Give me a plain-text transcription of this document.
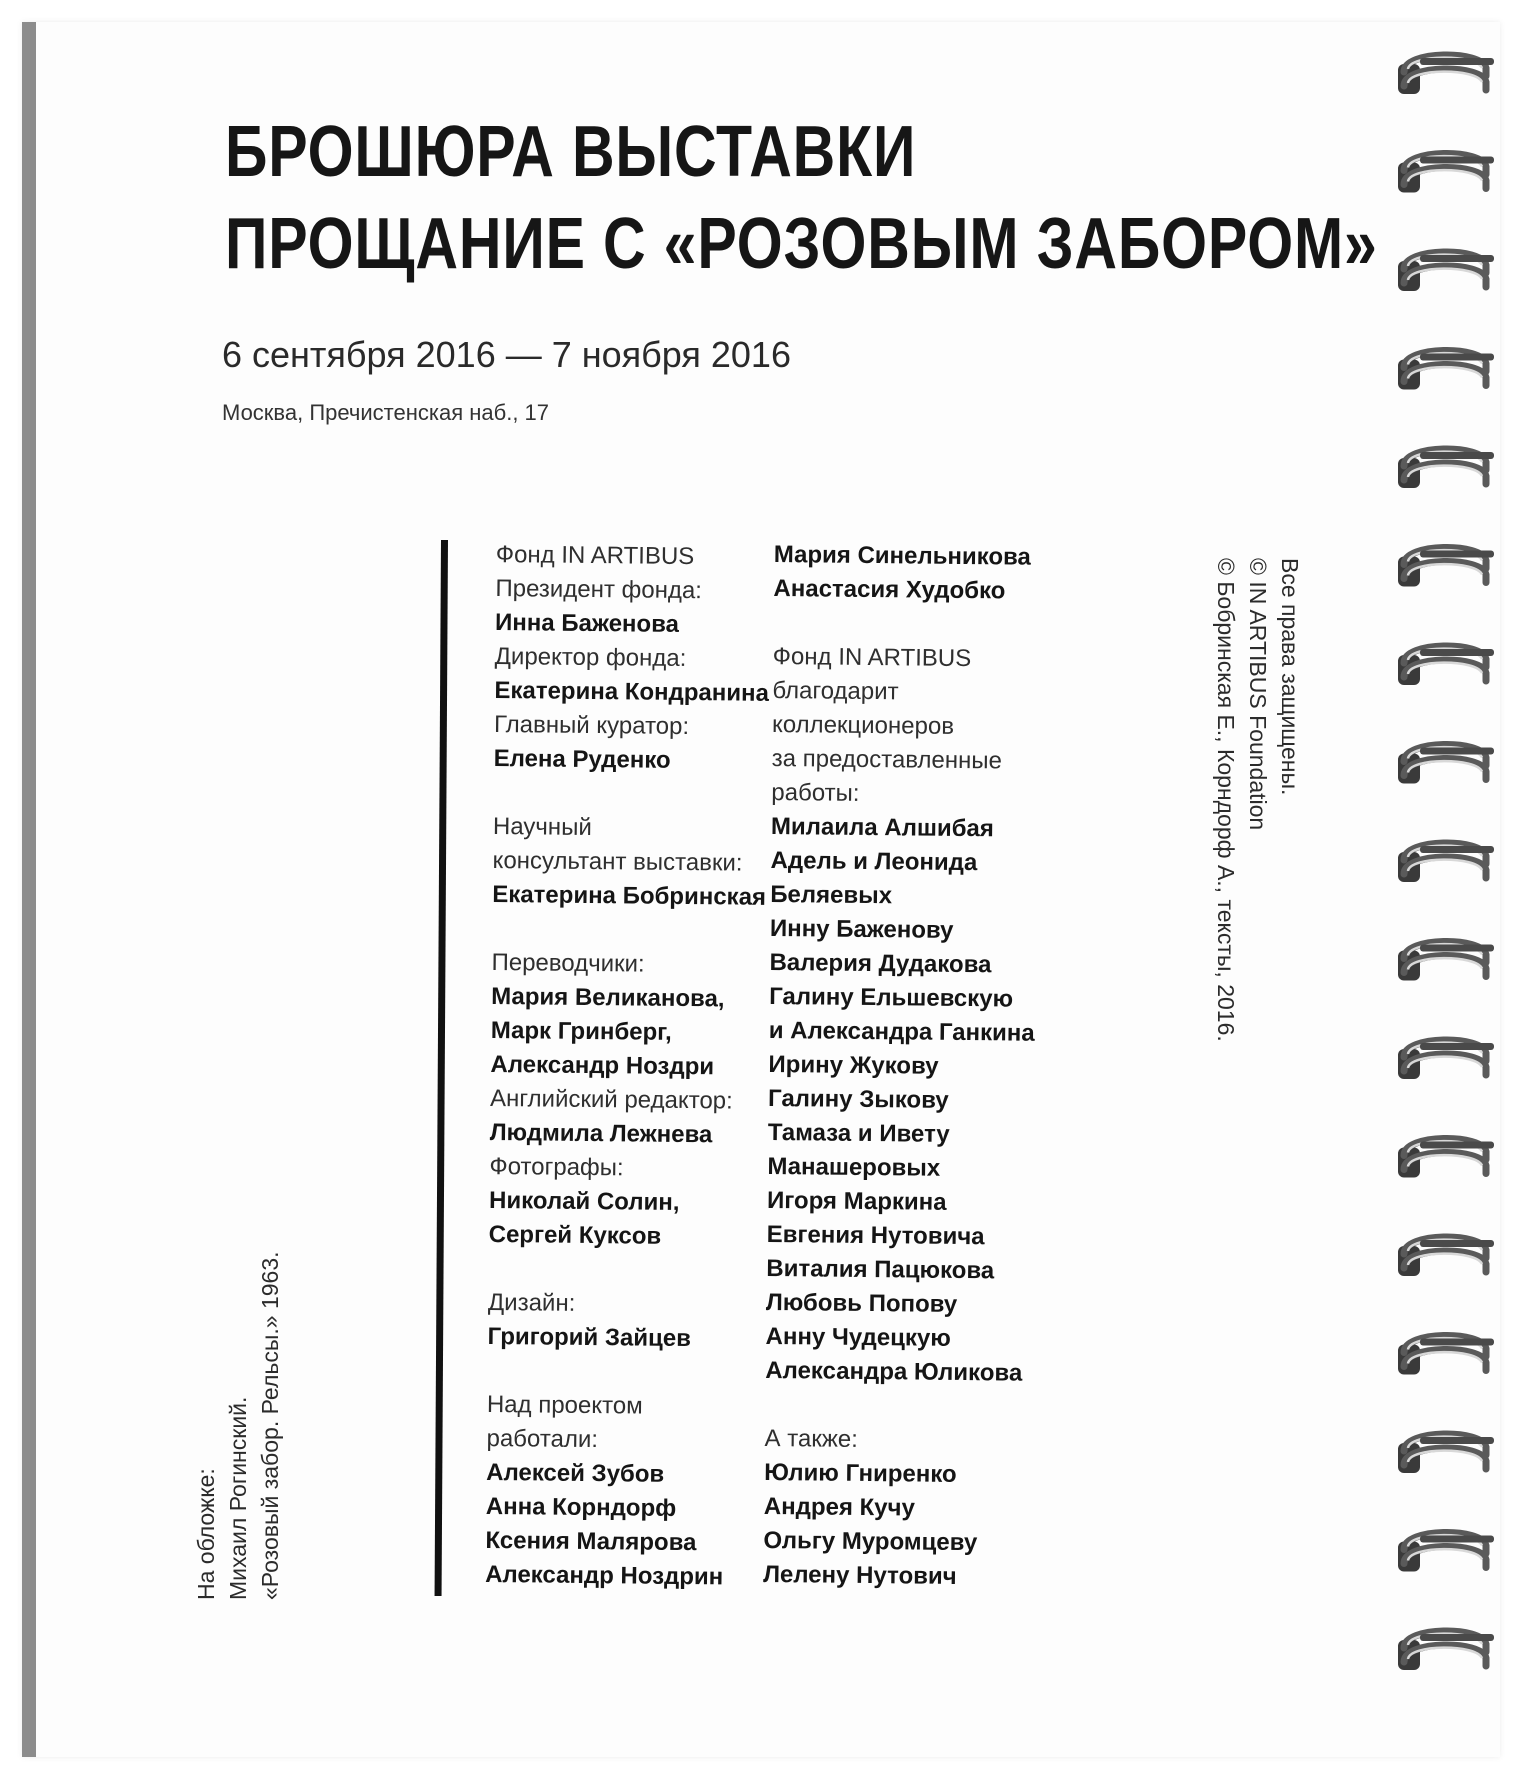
БРОШЮРА ВЫСТАВКИ
ПРОЩАНИЕ С «РОЗОВЫМ ЗАБОРОМ»
6 сентября 2016 — 7 ноября 2016
Москва, Пречистенская наб., 17
Фонд IN ARTIBUS
Президент фонда:
Инна Баженова
Директор фонда:
Екатерина Кондранина
Главный куратор:
Елена Руденко
Научный
консультант выставки:
Екатерина Бобринская
Переводчики:
Мария Великанова,
Марк Гринберг,
Александр Ноздри
Английский редактор:
Людмила Лежнева
Фотографы:
Николай Солин,
Сергей Куксов
Дизайн:
Григорий Зайцев
Над проектом
работали:
Алексей Зубов
Анна Корндорф
Ксения Малярова
Александр Ноздрин
Мария Синельникова
Анастасия Худобко
Фонд IN ARTIBUS
благодарит
коллекционеров
за предоставленные
работы:
Милаила Алшибая
Адель и Леонида
Беляевых
Инну Баженову
Валерия Дудакова
Галину Ельшевскую
и Александра Ганкина
Ирину Жукову
Галину Зыкову
Тамаза и Ивету
Манашеровых
Игоря Маркина
Евгения Нутовича
Виталия Пацюкова
Любовь Попову
Анну Чудецкую
Александра Юликова
А также:
Юлию Гниренко
Андрея Кучу
Ольгу Муромцеву
Лелену Нутович
На обложке: Михаил Рогинский. «Розовый забор. Рельсы.» 1963.
Все права защищены.
© IN ARTIBUS Foundation
© Бобринская Е., Корндорф А., тексты, 2016.
